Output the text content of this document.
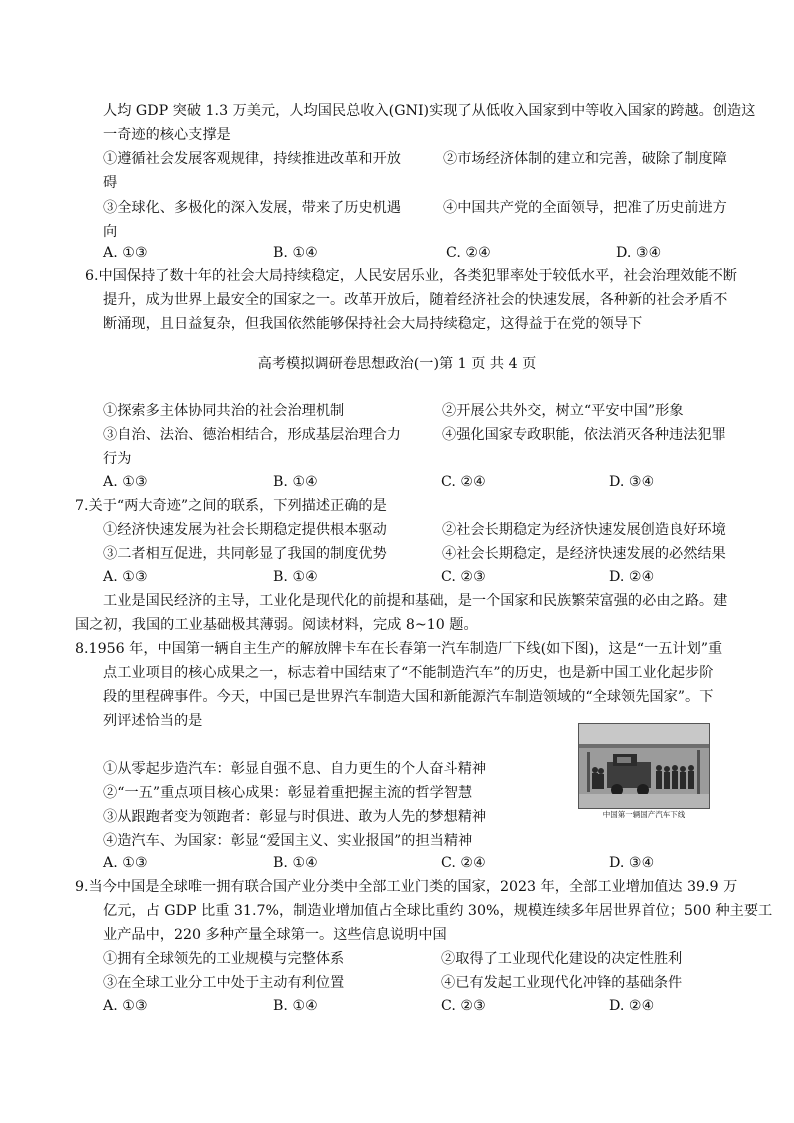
人均 GDP 突破 1.3 万美元，人均国民总收入(GNI)实现了从低收入国家到中等收入国家的跨越。创造这
一奇迹的核心支撑是
①遵循社会发展客观规律，持续推进改革和开放	②市场经济体制的建立和完善，破除了制度障
碍
③全球化、多极化的深入发展，带来了历史机遇	④中国共产党的全面领导，把准了历史前进方
向
A. ①③	B. ①④	C. ②④	D. ③④
6.中国保持了数十年的社会大局持续稳定，人民安居乐业，各类犯罪率处于较低水平，社会治理效能不断
提升，成为世界上最安全的国家之一。改革开放后，随着经济社会的快速发展，各种新的社会矛盾不
断涌现，且日益复杂，但我国依然能够保持社会大局持续稳定，这得益于在党的领导下
高考模拟调研卷思想政治(一)第 1 页 共 4 页
①探索多主体协同共治的社会治理机制	②开展公共外交，树立“平安中国”形象
③自治、法治、德治相结合，形成基层治理合力	④强化国家专政职能，依法消灭各种违法犯罪
行为
A. ①③	B. ①④	C. ②④	D. ③④
7.关于“两大奇迹”之间的联系，下列描述正确的是
①经济快速发展为社会长期稳定提供根本驱动	②社会长期稳定为经济快速发展创造良好环境
③二者相互促进，共同彰显了我国的制度优势	④社会长期稳定，是经济快速发展的必然结果
A. ①③	B. ①④	C. ②③	D. ②④
工业是国民经济的主导，工业化是现代化的前提和基础，是一个国家和民族繁荣富强的必由之路。建
国之初，我国的工业基础极其薄弱。阅读材料，完成 8~10 题。
8.1956 年，中国第一辆自主生产的解放牌卡车在长春第一汽车制造厂下线(如下图)，这是“一五计划”重
点工业项目的核心成果之一，标志着中国结束了“不能制造汽车”的历史，也是新中国工业化起步阶
段的里程碑事件。今天，中国已是世界汽车制造大国和新能源汽车制造领域的“全球领先国家”。下
列评述恰当的是
中国第一辆国产汽车下线
①从零起步造汽车：彰显自强不息、自力更生的个人奋斗精神
②“一五”重点项目核心成果：彰显着重把握主流的哲学智慧
③从跟跑者变为领跑者：彰显与时俱进、敢为人先的梦想精神
④造汽车、为国家：彰显“爱国主义、实业报国”的担当精神
A. ①③	B. ①④	C. ②④	D. ③④
9.当今中国是全球唯一拥有联合国产业分类中全部工业门类的国家，2023 年，全部工业增加值达 39.9 万
亿元，占 GDP 比重 31.7%，制造业增加值占全球比重约 30%，规模连续多年居世界首位；500 种主要工
业产品中，220 多种产量全球第一。这些信息说明中国
①拥有全球领先的工业规模与完整体系	②取得了工业现代化建设的决定性胜利
③在全球工业分工中处于主动有利位置	④已有发起工业现代化冲锋的基础条件
A. ①③	B. ①④	C. ②③	D. ②④
